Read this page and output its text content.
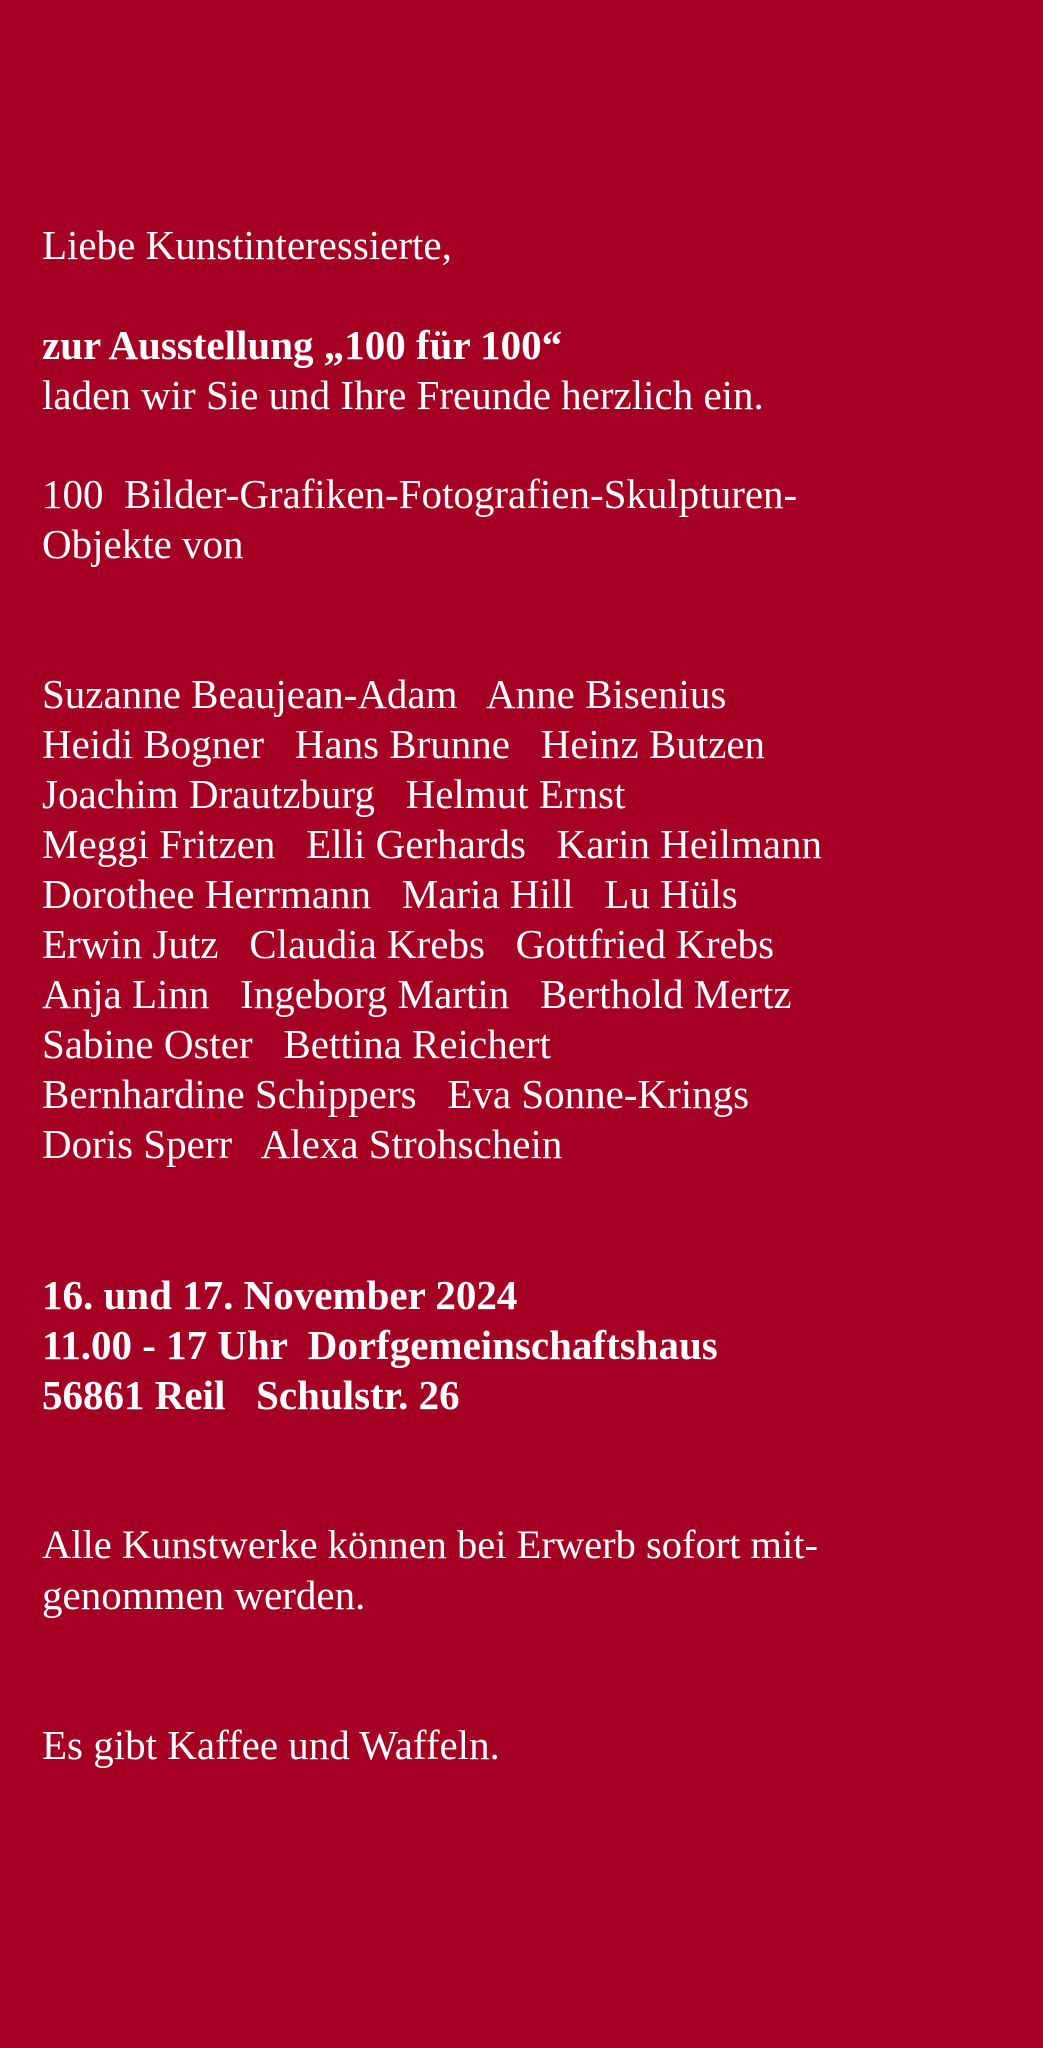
Liebe Kunstinteressierte,

zur Ausstellung „100 für 100“

laden wir Sie und Ihre Freunde herzlich ein.

100  Bilder-Grafiken-Fotografien-Skulpturen-

Objekte von

Suzanne Beaujean-Adam   Anne Bisenius

Heidi Bogner   Hans Brunne   Heinz Butzen

Joachim Drautzburg   Helmut Ernst

Meggi Fritzen   Elli Gerhards   Karin Heilmann

Dorothee Herrmann   Maria Hill   Lu Hüls

Erwin Jutz   Claudia Krebs   Gottfried Krebs

Anja Linn   Ingeborg Martin   Berthold Mertz

Sabine Oster   Bettina Reichert

Bernhardine Schippers   Eva Sonne-Krings

Doris Sperr   Alexa Strohschein

16. und 17. November 2024

11.00 - 17 Uhr  Dorfgemeinschaftshaus

56861 Reil   Schulstr. 26

Alle Kunstwerke können bei Erwerb sofort mit-

genommen werden.

Es gibt Kaffee und Waffeln.
